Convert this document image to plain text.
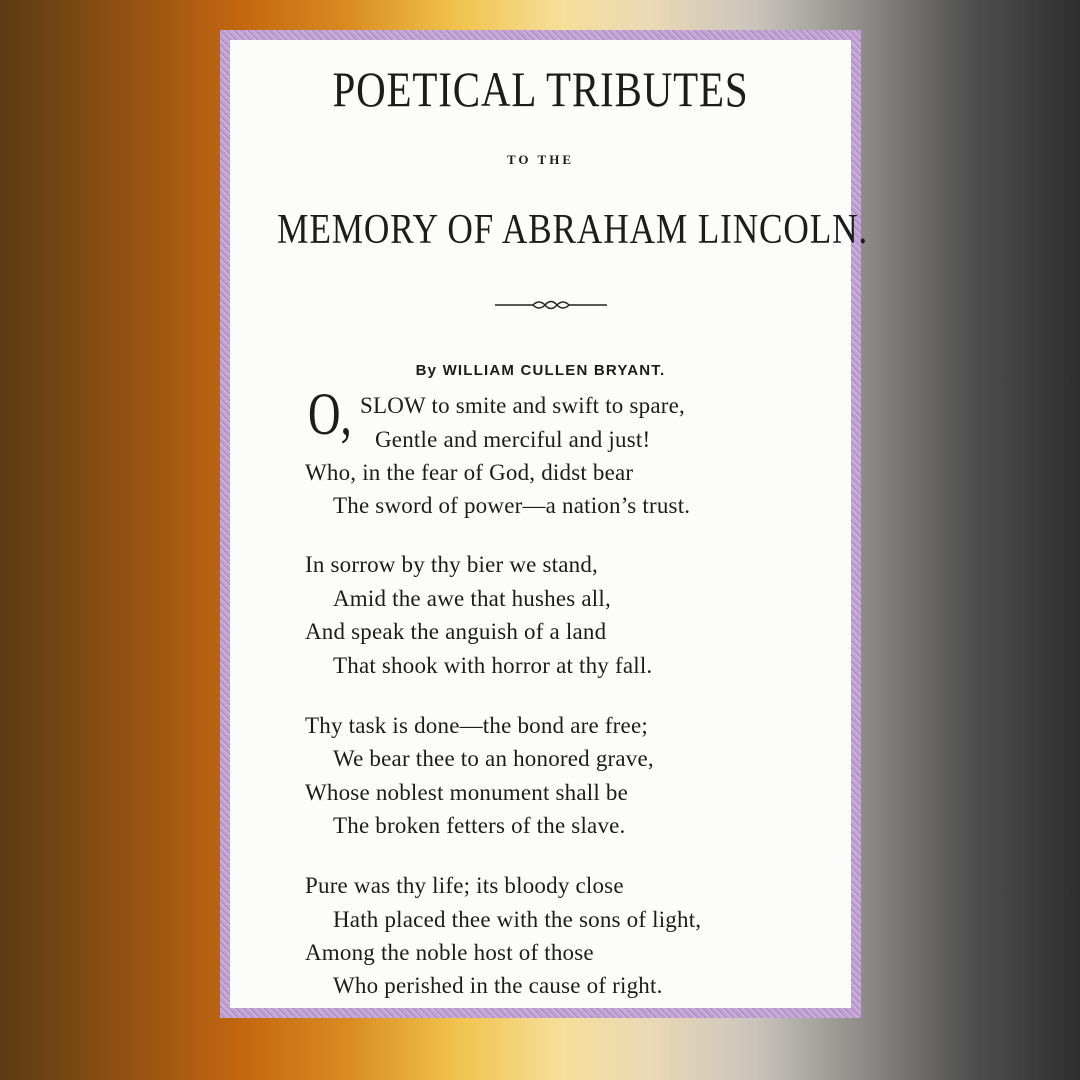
POETICAL TRIBUTES
TO THE
MEMORY OF ABRAHAM LINCOLN.
By WILLIAM CULLEN BRYANT.
O, SLOW to smite and swift to spare,
Gentle and merciful and just!
Who, in the fear of God, didst bear
The sword of power—a nation’s trust.
In sorrow by thy bier we stand,
Amid the awe that hushes all,
And speak the anguish of a land
That shook with horror at thy fall.
Thy task is done—the bond are free;
We bear thee to an honored grave,
Whose noblest monument shall be
The broken fetters of the slave.
Pure was thy life; its bloody close
Hath placed thee with the sons of light,
Among the noble host of those
Who perished in the cause of right.
